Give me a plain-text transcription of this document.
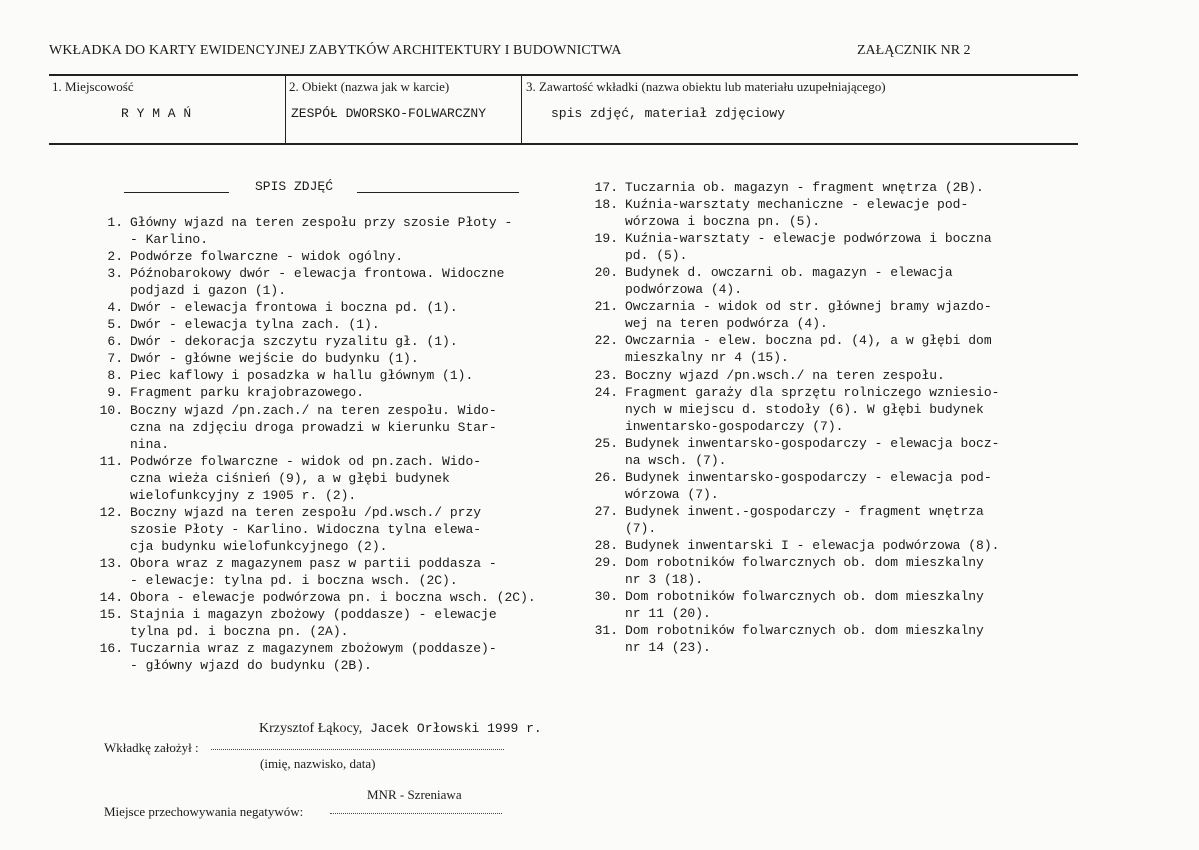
WKŁADKA DO KARTY EWIDENCYJNEJ ZABYTKÓW ARCHITEKTURY I BUDOWNICTWA	ZAŁĄCZNIK NR 2
1. Miejscowość
R Y M A Ń
2. Obiekt (nazwa jak w karcie)
ZESPÓŁ DWORSKO-FOLWARCZNY
3. Zawartość wkładki (nazwa obiektu lub materiału uzupełniającego)
spis zdjęć, materiał zdjęciowy
SPIS ZDJĘĆ
1. Główny wjazd na teren zespołu przy szosie Płoty -
- Karlino.
2. Podwórze folwarczne - widok ogólny.
3. Późnobarokowy dwór - elewacja frontowa. Widoczne
podjazd i gazon (1).
4. Dwór - elewacja frontowa i boczna pd. (1).
5. Dwór - elewacja tylna zach. (1).
6. Dwór - dekoracja szczytu ryzalitu gł. (1).
7. Dwór - główne wejście do budynku (1).
8. Piec kaflowy i posadzka w hallu głównym (1).
9. Fragment parku krajobrazowego.
10. Boczny wjazd /pn.zach./ na teren zespołu. Wido-
czna na zdjęciu droga prowadzi w kierunku Star-
nina.
11. Podwórze folwarczne - widok od pn.zach. Wido-
czna wieża ciśnień (9), a w głębi budynek
wielofunkcyjny z 1905 r. (2).
12. Boczny wjazd na teren zespołu /pd.wsch./ przy
szosie Płoty - Karlino. Widoczna tylna elewa-
cja budynku wielofunkcyjnego (2).
13. Obora wraz z magazynem pasz w partii poddasza -
- elewacje: tylna pd. i boczna wsch. (2C).
14. Obora - elewacje podwórzowa pn. i boczna wsch. (2C).
15. Stajnia i magazyn zbożowy (poddasze) - elewacje
tylna pd. i boczna pn. (2A).
16. Tuczarnia wraz z magazynem zbożowym (poddasze)-
- główny wjazd do budynku (2B).
17. Tuczarnia ob. magazyn - fragment wnętrza (2B).
18. Kuźnia-warsztaty mechaniczne - elewacje pod-
wórzowa i boczna pn. (5).
19. Kuźnia-warsztaty - elewacje podwórzowa i boczna
pd. (5).
20. Budynek d. owczarni ob. magazyn - elewacja
podwórzowa (4).
21. Owczarnia - widok od str. głównej bramy wjazdo-
wej na teren podwórza (4).
22. Owczarnia - elew. boczna pd. (4), a w głębi dom
mieszkalny nr 4 (15).
23. Boczny wjazd /pn.wsch./ na teren zespołu.
24. Fragment garaży dla sprzętu rolniczego wzniesio-
nych w miejscu d. stodoły (6). W głębi budynek
inwentarsko-gospodarczy (7).
25. Budynek inwentarsko-gospodarczy - elewacja bocz-
na wsch. (7).
26. Budynek inwentarsko-gospodarczy - elewacja pod-
wórzowa (7).
27. Budynek inwent.-gospodarczy - fragment wnętrza
(7).
28. Budynek inwentarski I - elewacja podwórzowa (8).
29. Dom robotników folwarcznych ob. dom mieszkalny
nr 3 (18).
30. Dom robotników folwarcznych ob. dom mieszkalny
nr 11 (20).
31. Dom robotników folwarcznych ob. dom mieszkalny
nr 14 (23).
Krzysztof Łąkocy, Jacek Orłowski 1999 r.
Wkładkę założył :
(imię, nazwisko, data)
MNR - Szreniawa
Miejsce przechowywania negatywów:
